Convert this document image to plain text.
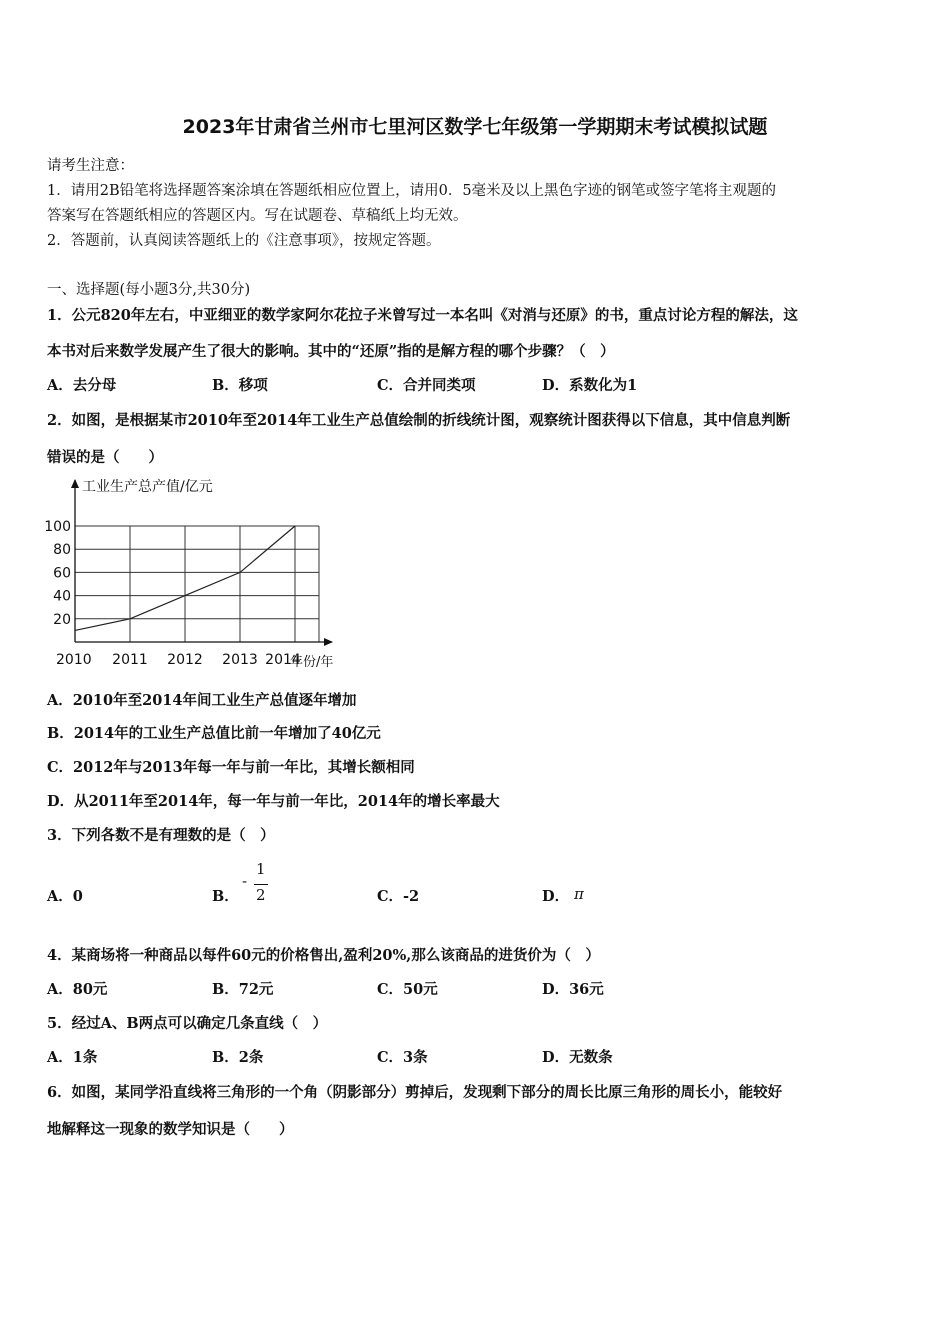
2023年甘肃省兰州市七里河区数学七年级第一学期期末考试模拟试题
请考生注意：
1．请用2B铅笔将选择题答案涂填在答题纸相应位置上，请用0．5毫米及以上黑色字迹的钢笔或签字笔将主观题的
答案写在答题纸相应的答题区内。写在试题卷、草稿纸上均无效。
2．答题前，认真阅读答题纸上的《注意事项》，按规定答题。
一、选择题(每小题3分,共30分)
1．公元820年左右，中亚细亚的数学家阿尔花拉子米曾写过一本名叫《对消与还原》的书，重点讨论方程的解法，这
本书对后来数学发展产生了很大的影响。其中的“还原”指的是解方程的哪个步骤？（　）
A．去分母	B．移项	C．合并同类项	D．系数化为1
2．如图，是根据某市2010年至2014年工业生产总值绘制的折线统计图，观察统计图获得以下信息，其中信息判断
错误的是（　　）
20
40
60
80
100
2010 2011 2012 2013 2014
工业生产总产值/亿元
年份/年
A．2010年至2014年间工业生产总值逐年增加
B．2014年的工业生产总值比前一年增加了40亿元
C．2012年与2013年每一年与前一年比，其增长额相同
D．从2011年至2014年，每一年与前一年比，2014年的增长率最大
3．下列各数不是有理数的是（　）
A．0	B．
-
1
2	C．-2	D． π
4．某商场将一种商品以每件60元的价格售出,盈利20%,那么该商品的进货价为（　）
A．80元	B．72元	C．50元	D．36元
5．经过A、B两点可以确定几条直线（　）
A．1条	B．2条	C．3条	D．无数条
6．如图，某同学沿直线将三角形的一个角（阴影部分）剪掉后，发现剩下部分的周长比原三角形的周长小，能较好
地解释这一现象的数学知识是（　　）
